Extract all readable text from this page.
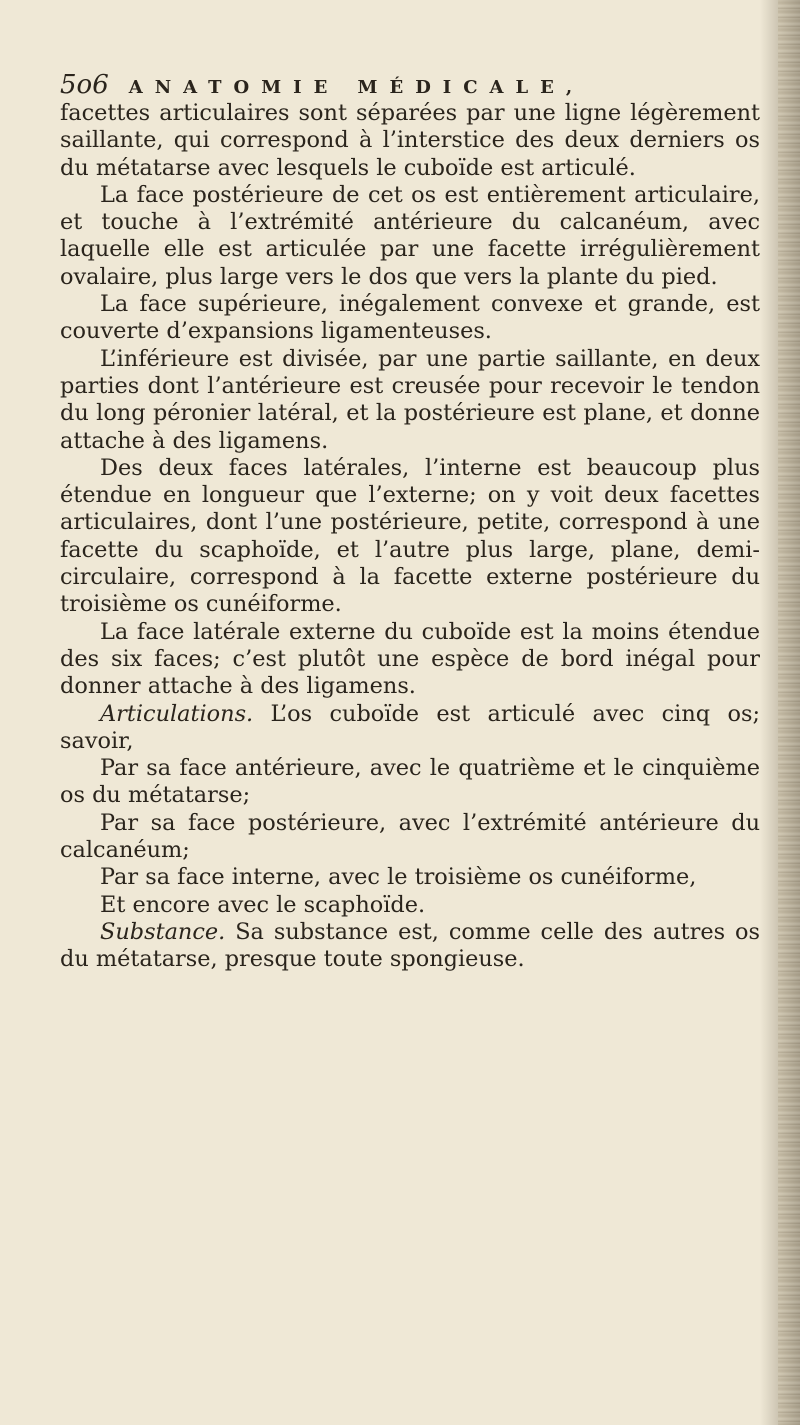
5o6 ANATOMIE MÉDICALE,

facettes articulaires sont séparées par une ligne légèrement saillante, qui correspond à l’interstice des deux derniers os du métatarse avec lesquels le cuboïde est articulé.

La face postérieure de cet os est entièrement articulaire, et touche à l’extrémité antérieure du calcanéum, avec laquelle elle est articulée par une facette irrégulièrement ovalaire, plus large vers le dos que vers la plante du pied.

La face supérieure, inégalement convexe et grande, est couverte d’expansions ligamenteuses.

L’inférieure est divisée, par une partie saillante, en deux parties dont l’antérieure est creusée pour recevoir le tendon du long péronier latéral, et la postérieure est plane, et donne attache à des ligamens.

Des deux faces latérales, l’interne est beaucoup plus étendue en longueur que l’externe; on y voit deux facettes articulaires, dont l’une postérieure, petite, correspond à une facette du scaphoïde, et l’autre plus large, plane, demi-circulaire, correspond à la facette externe postérieure du troisième os cunéiforme.

La face latérale externe du cuboïde est la moins étendue des six faces; c’est plutôt une espèce de bord inégal pour donner attache à des ligamens.

Articulations. L’os cuboïde est articulé avec cinq os; savoir,

Par sa face antérieure, avec le quatrième et le cinquième os du métatarse;

Par sa face postérieure, avec l’extrémité antérieure du calcanéum;

Par sa face interne, avec le troisième os cunéiforme,

Et encore avec le scaphoïde.

Substance. Sa substance est, comme celle des autres os du métatarse, presque toute spongieuse.
